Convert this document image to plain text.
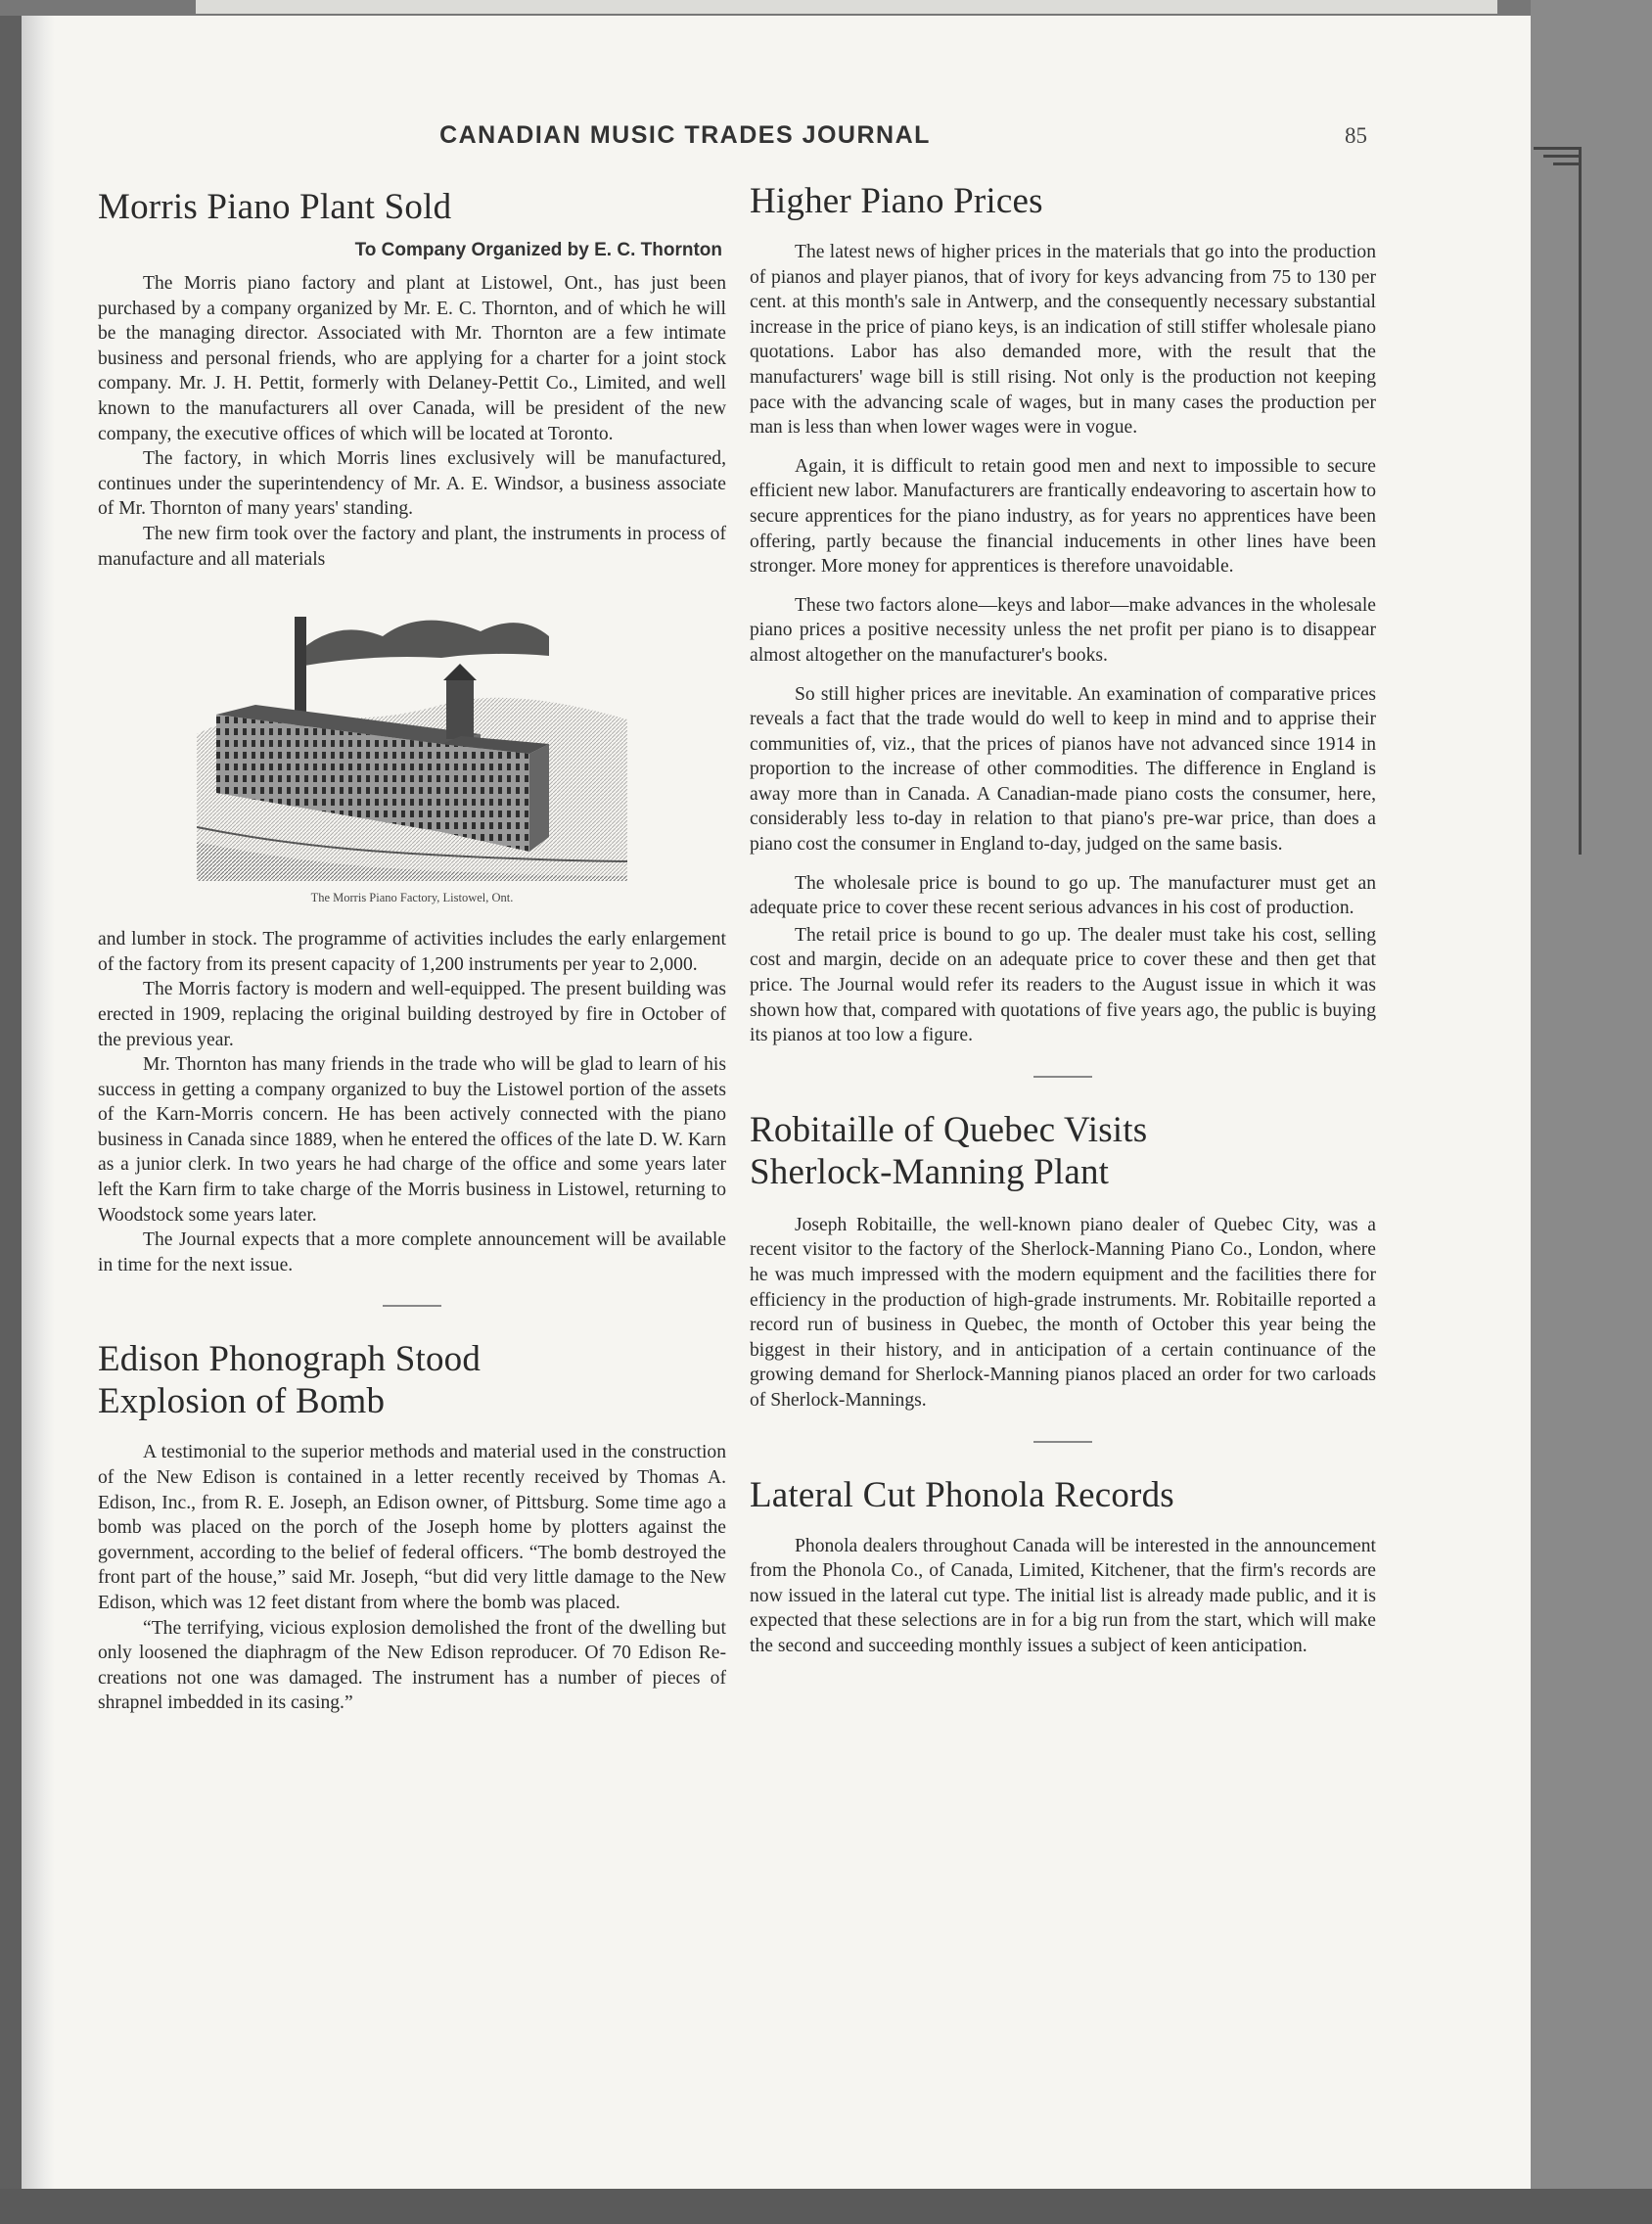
CANADIAN MUSIC TRADES JOURNAL	85
Morris Piano Plant Sold
To Company Organized by E. C. Thornton

The Morris piano factory and plant at Listowel, Ont., has just been purchased by a company organized by Mr. E. C. Thornton, and of which he will be the managing director. Associated with Mr. Thornton are a few intimate business and personal friends, who are applying for a charter for a joint stock company. Mr. J. H. Pettit, formerly with Delaney-Pettit Co., Limited, and well known to the manufacturers all over Canada, will be president of the new company, the executive offices of which will be located at Toronto.

The factory, in which Morris lines exclusively will be manufactured, continues under the superintendency of Mr. A. E. Windsor, a business associate of Mr. Thornton of many years' standing.

The new firm took over the factory and plant, the instruments in process of manufacture and all materials

The Morris Piano Factory, Listowel, Ont.

and lumber in stock. The programme of activities includes the early enlargement of the factory from its present capacity of 1,200 instruments per year to 2,000.

The Morris factory is modern and well-equipped. The present building was erected in 1909, replacing the original building destroyed by fire in October of the previous year.

Mr. Thornton has many friends in the trade who will be glad to learn of his success in getting a company organized to buy the Listowel portion of the assets of the Karn-Morris concern. He has been actively connected with the piano business in Canada since 1889, when he entered the offices of the late D. W. Karn as a junior clerk. In two years he had charge of the office and some years later left the Karn firm to take charge of the Morris business in Listowel, returning to Woodstock some years later.

The Journal expects that a more complete announcement will be available in time for the next issue.

Edison Phonograph Stood
Explosion of Bomb

A testimonial to the superior methods and material used in the construction of the New Edison is contained in a letter recently received by Thomas A. Edison, Inc., from R. E. Joseph, an Edison owner, of Pittsburg. Some time ago a bomb was placed on the porch of the Joseph home by plotters against the government, according to the belief of federal officers. “The bomb destroyed the front part of the house,” said Mr. Joseph, “but did very little damage to the New Edison, which was 12 feet distant from where the bomb was placed.

“The terrifying, vicious explosion demolished the front of the dwelling but only loosened the diaphragm of the New Edison reproducer. Of 70 Edison Re-creations not one was damaged. The instrument has a number of pieces of shrapnel imbedded in its casing.”

Higher Piano Prices

The latest news of higher prices in the materials that go into the production of pianos and player pianos, that of ivory for keys advancing from 75 to 130 per cent. at this month's sale in Antwerp, and the consequently necessary substantial increase in the price of piano keys, is an indication of still stiffer wholesale piano quotations. Labor has also demanded more, with the result that the manufacturers' wage bill is still rising. Not only is the production not keeping pace with the advancing scale of wages, but in many cases the production per man is less than when lower wages were in vogue.

Again, it is difficult to retain good men and next to impossible to secure efficient new labor. Manufacturers are frantically endeavoring to ascertain how to secure apprentices for the piano industry, as for years no apprentices have been offering, partly because the financial inducements in other lines have been stronger. More money for apprentices is therefore unavoidable.

These two factors alone—keys and labor—make advances in the wholesale piano prices a positive necessity unless the net profit per piano is to disappear almost altogether on the manufacturer's books.

So still higher prices are inevitable. An examination of comparative prices reveals a fact that the trade would do well to keep in mind and to apprise their communities of, viz., that the prices of pianos have not advanced since 1914 in proportion to the increase of other commodities. The difference in England is away more than in Canada. A Canadian-made piano costs the consumer, here, considerably less to-day in relation to that piano's pre-war price, than does a piano cost the consumer in England to-day, judged on the same basis.

The wholesale price is bound to go up. The manufacturer must get an adequate price to cover these recent serious advances in his cost of production.

The retail price is bound to go up. The dealer must take his cost, selling cost and margin, decide on an adequate price to cover these and then get that price. The Journal would refer its readers to the August issue in which it was shown how that, compared with quotations of five years ago, the public is buying its pianos at too low a figure.

Robitaille of Quebec Visits
Sherlock-Manning Plant

Joseph Robitaille, the well-known piano dealer of Quebec City, was a recent visitor to the factory of the Sherlock-Manning Piano Co., London, where he was much impressed with the modern equipment and the facilities there for efficiency in the production of high-grade instruments. Mr. Robitaille reported a record run of business in Quebec, the month of October this year being the biggest in their history, and in anticipation of a certain continuance of the growing demand for Sherlock-Manning pianos placed an order for two carloads of Sherlock-Mannings.

Lateral Cut Phonola Records

Phonola dealers throughout Canada will be interested in the announcement from the Phonola Co., of Canada, Limited, Kitchener, that the firm's records are now issued in the lateral cut type. The initial list is already made public, and it is expected that these selections are in for a big run from the start, which will make the second and succeeding monthly issues a subject of keen anticipation.
